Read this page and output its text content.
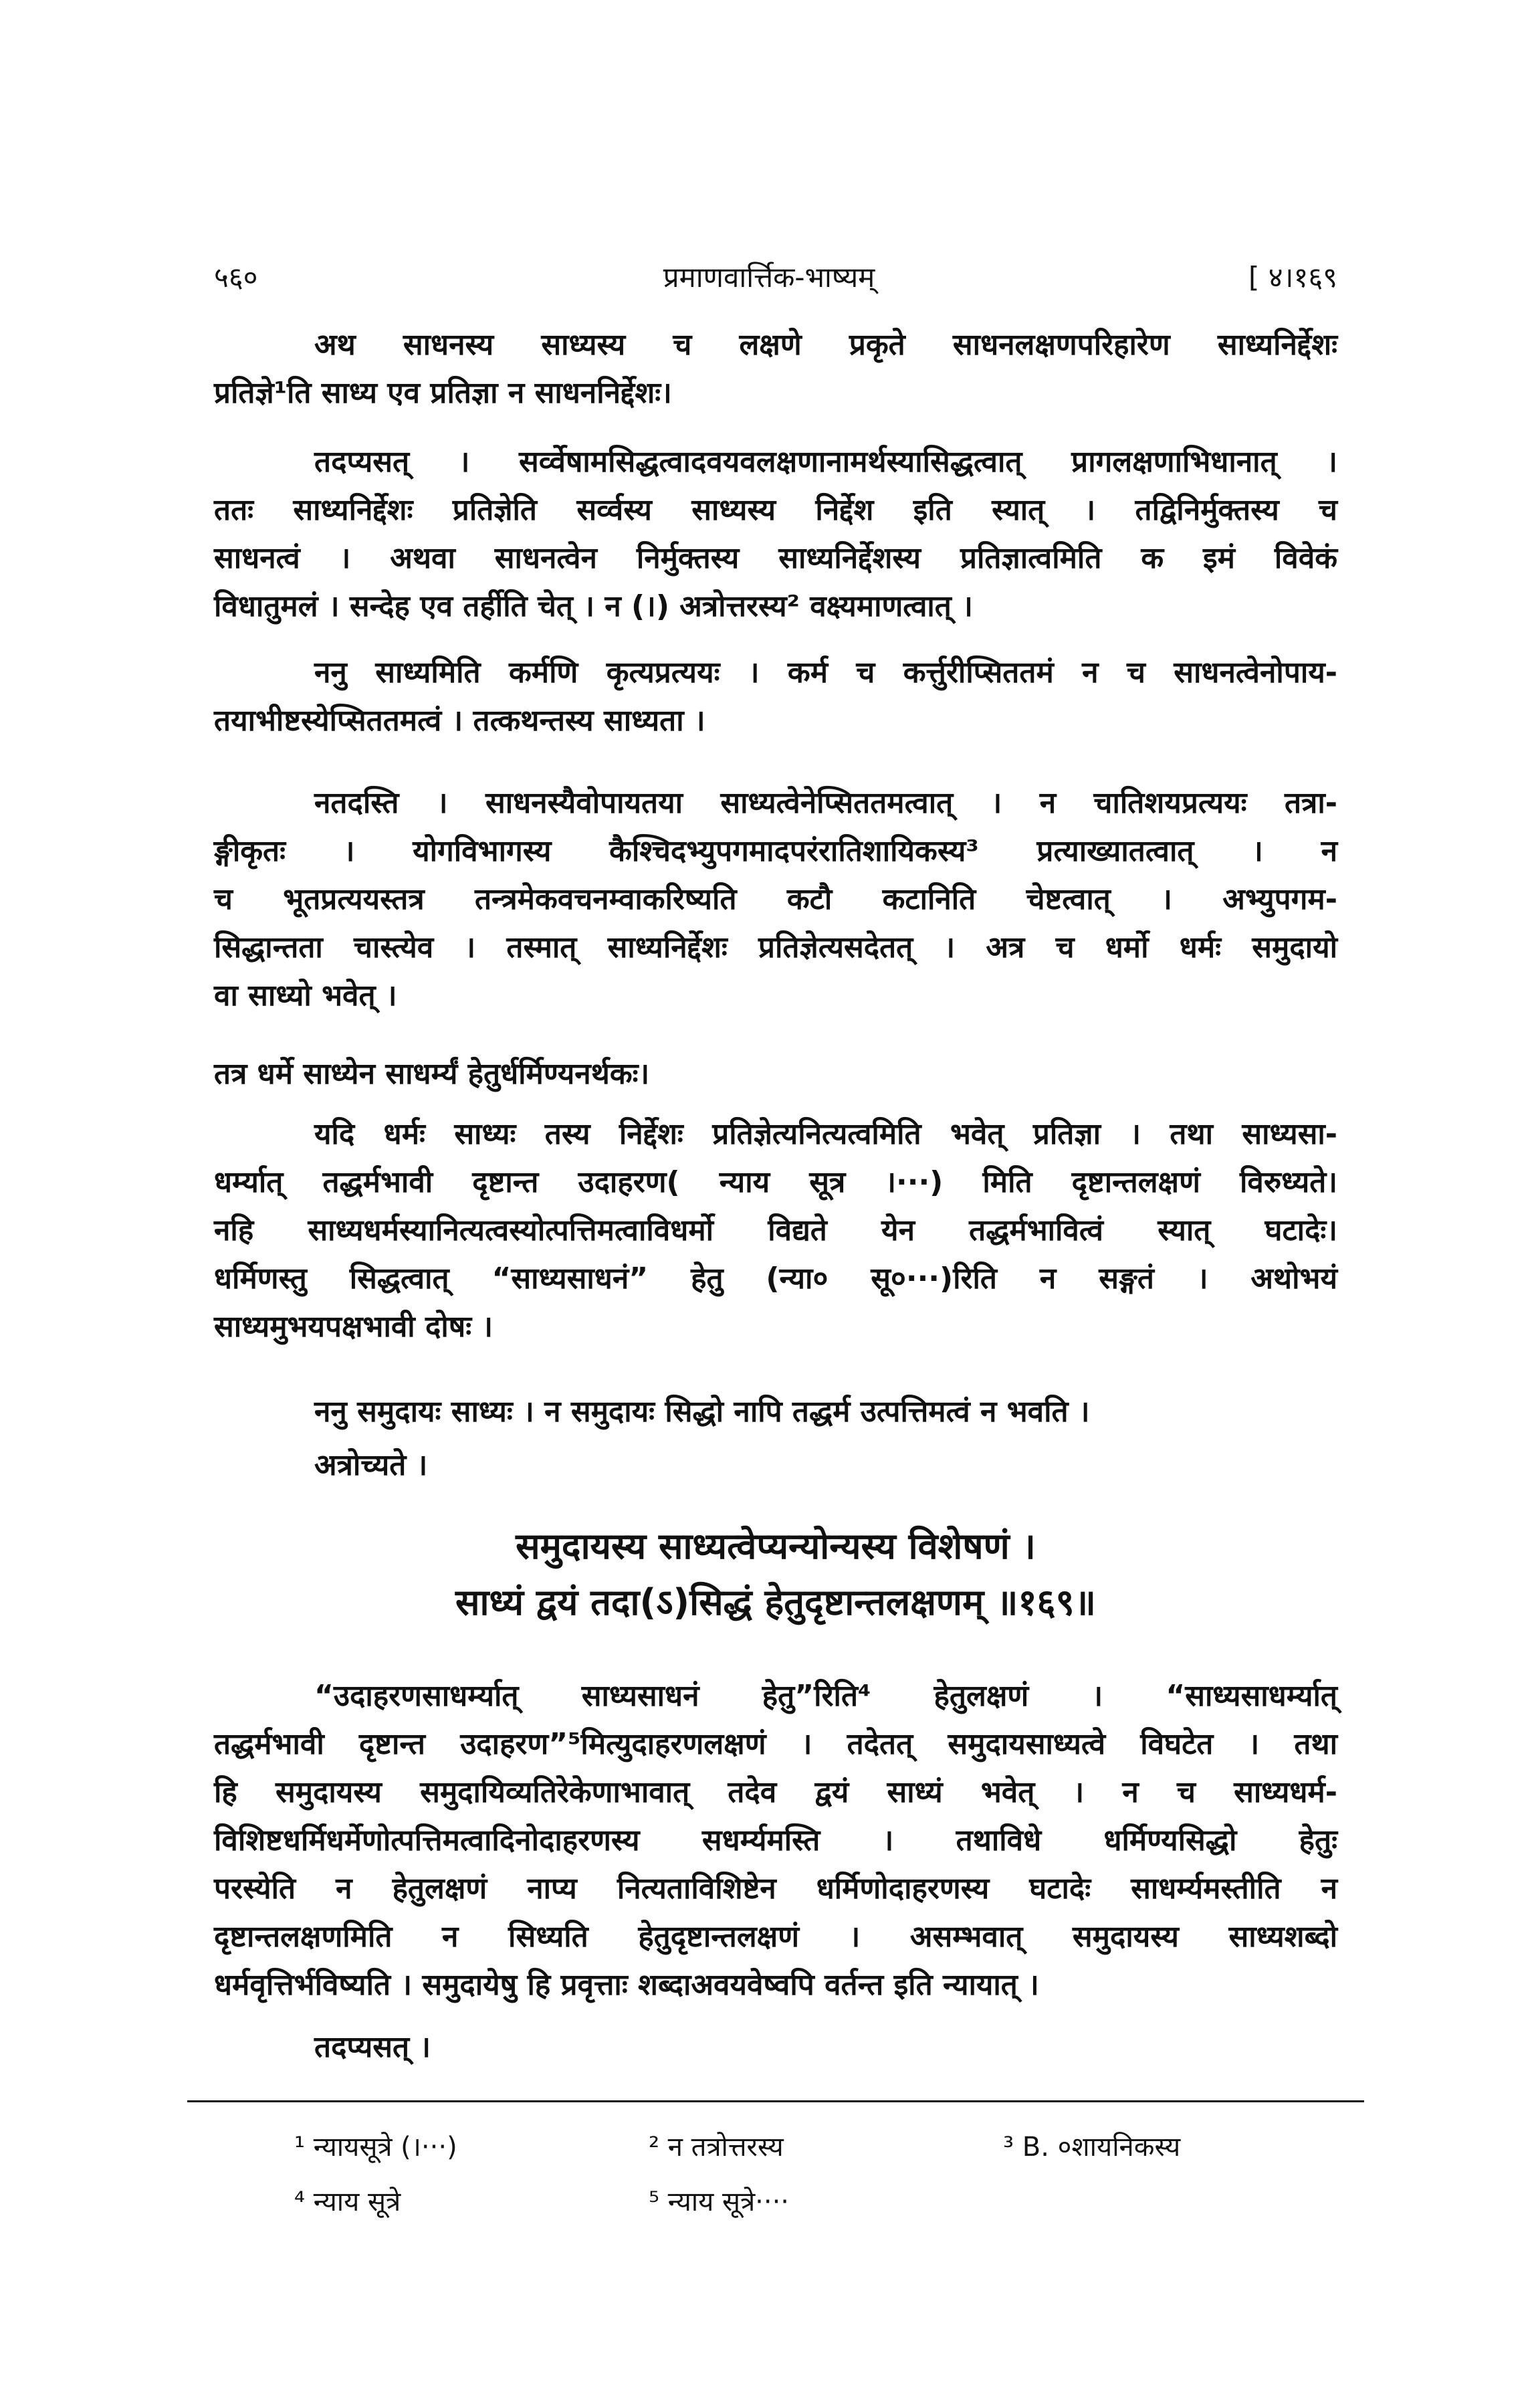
५६०	प्रमाणवार्त्तिक-भाष्यम्	[ ४।१६९
अथ साधनस्य साध्यस्य च लक्षणे प्रकृते साधनलक्षणपरिहारेण साध्यनिर्द्देशः
प्रतिज्ञे¹ति साध्य एव प्रतिज्ञा न साधननिर्द्देशः।
तदप्यसत् । सर्व्वेषामसिद्धत्वादवयवलक्षणानामर्थस्यासिद्धत्वात् प्रागलक्षणाभिधानात् ।
ततः साध्यनिर्द्देशः प्रतिज्ञेति सर्व्वस्य साध्यस्य निर्द्देश इति स्यात् । तद्विनिर्मुक्तस्य च
साधनत्वं । अथवा साधनत्वेन निर्मुक्तस्य साध्यनिर्द्देशस्य प्रतिज्ञात्वमिति क इमं विवेकं
विधातुमलं । सन्देह एव तर्हीति चेत् । न (।) अत्रोत्तरस्य² वक्ष्यमाणत्वात् ।
ननु साध्यमिति कर्मणि कृत्यप्रत्ययः । कर्म च कर्त्तुरीप्सिततमं न च साधनत्वेनोपाय-
तयाभीष्टस्येप्सिततमत्वं । तत्कथन्तस्य साध्यता ।
नतदस्ति । साधनस्यैवोपायतया साध्यत्वेनेप्सिततमत्वात् । न चातिशयप्रत्ययः तत्रा-
ङ्गीकृतः । योगविभागस्य कैश्चिदभ्युपगमादपरंरातिशायिकस्य³ प्रत्याख्यातत्वात् । न
च भूतप्रत्ययस्तत्र तन्त्रमेकवचनम्वाकरिष्यति कटौ कटानिति चेष्टत्वात् । अभ्युपगम-
सिद्धान्तता चास्त्येव । तस्मात् साध्यनिर्द्देशः प्रतिज्ञेत्यसदेतत् । अत्र च धर्मो धर्मः समुदायो
वा साध्यो भवेत् ।
तत्र धर्मे साध्येन साधर्म्यं हेतुर्धर्मिण्यनर्थकः।
यदि धर्मः साध्यः तस्य निर्द्देशः प्रतिज्ञेत्यनित्यत्वमिति भवेत् प्रतिज्ञा । तथा साध्यसा-
धर्म्यात् तद्धर्मभावी दृष्टान्त उदाहरण( न्याय सूत्र ।···) मिति दृष्टान्तलक्षणं विरुध्यते।
नहि साध्यधर्मस्यानित्यत्वस्योत्पत्तिमत्वाविधर्मो विद्यते येन तद्धर्मभावित्वं स्यात् घटादेः।
धर्मिणस्तु सिद्धत्वात् “साध्यसाधनं” हेतु (न्या० सू०···)रिति न सङ्गतं । अथोभयं
साध्यमुभयपक्षभावी दोषः ।
ननु समुदायः साध्यः । न समुदायः सिद्धो नापि तद्धर्म उत्पत्तिमत्वं न भवति ।
अत्रोच्यते ।
“उदाहरणसाधर्म्यात् साध्यसाधनं हेतु”रिति⁴ हेतुलक्षणं । “साध्यसाधर्म्यात्
तद्धर्मभावी दृष्टान्त उदाहरण”⁵मित्युदाहरणलक्षणं । तदेतत् समुदायसाध्यत्वे विघटेत । तथा
हि समुदायस्य समुदायिव्यतिरेकेणाभावात् तदेव द्वयं साध्यं भवेत् । न च साध्यधर्म-
विशिष्टधर्मिधर्मेणोत्पत्तिमत्वादिनोदाहरणस्य सधर्म्यमस्ति । तथाविधे धर्मिण्यसिद्धो हेतुः
परस्येति न हेतुलक्षणं नाप्य नित्यताविशिष्टेन धर्मिणोदाहरणस्य घटादेः साधर्म्यमस्तीति न
दृष्टान्तलक्षणमिति न सिध्यति हेतुदृष्टान्तलक्षणं । असम्भवात् समुदायस्य साध्यशब्दो
धर्मवृत्तिर्भविष्यति । समुदायेषु हि प्रवृत्ताः शब्दाअवयवेष्वपि वर्तन्त इति न्यायात् ।
तदप्यसत् ।
समुदायस्य साध्यत्वेप्यन्योन्यस्य विशेषणं ।
साध्यं द्वयं तदा(ऽ)सिद्धं हेतुदृष्टान्तलक्षणम् ॥१६९॥
¹ न्यायसूत्रे (।···)	² न तत्रोत्तरस्य	³ B. ०शायनिकस्य
⁴ न्याय सूत्रे	⁵ न्याय सूत्रे····
